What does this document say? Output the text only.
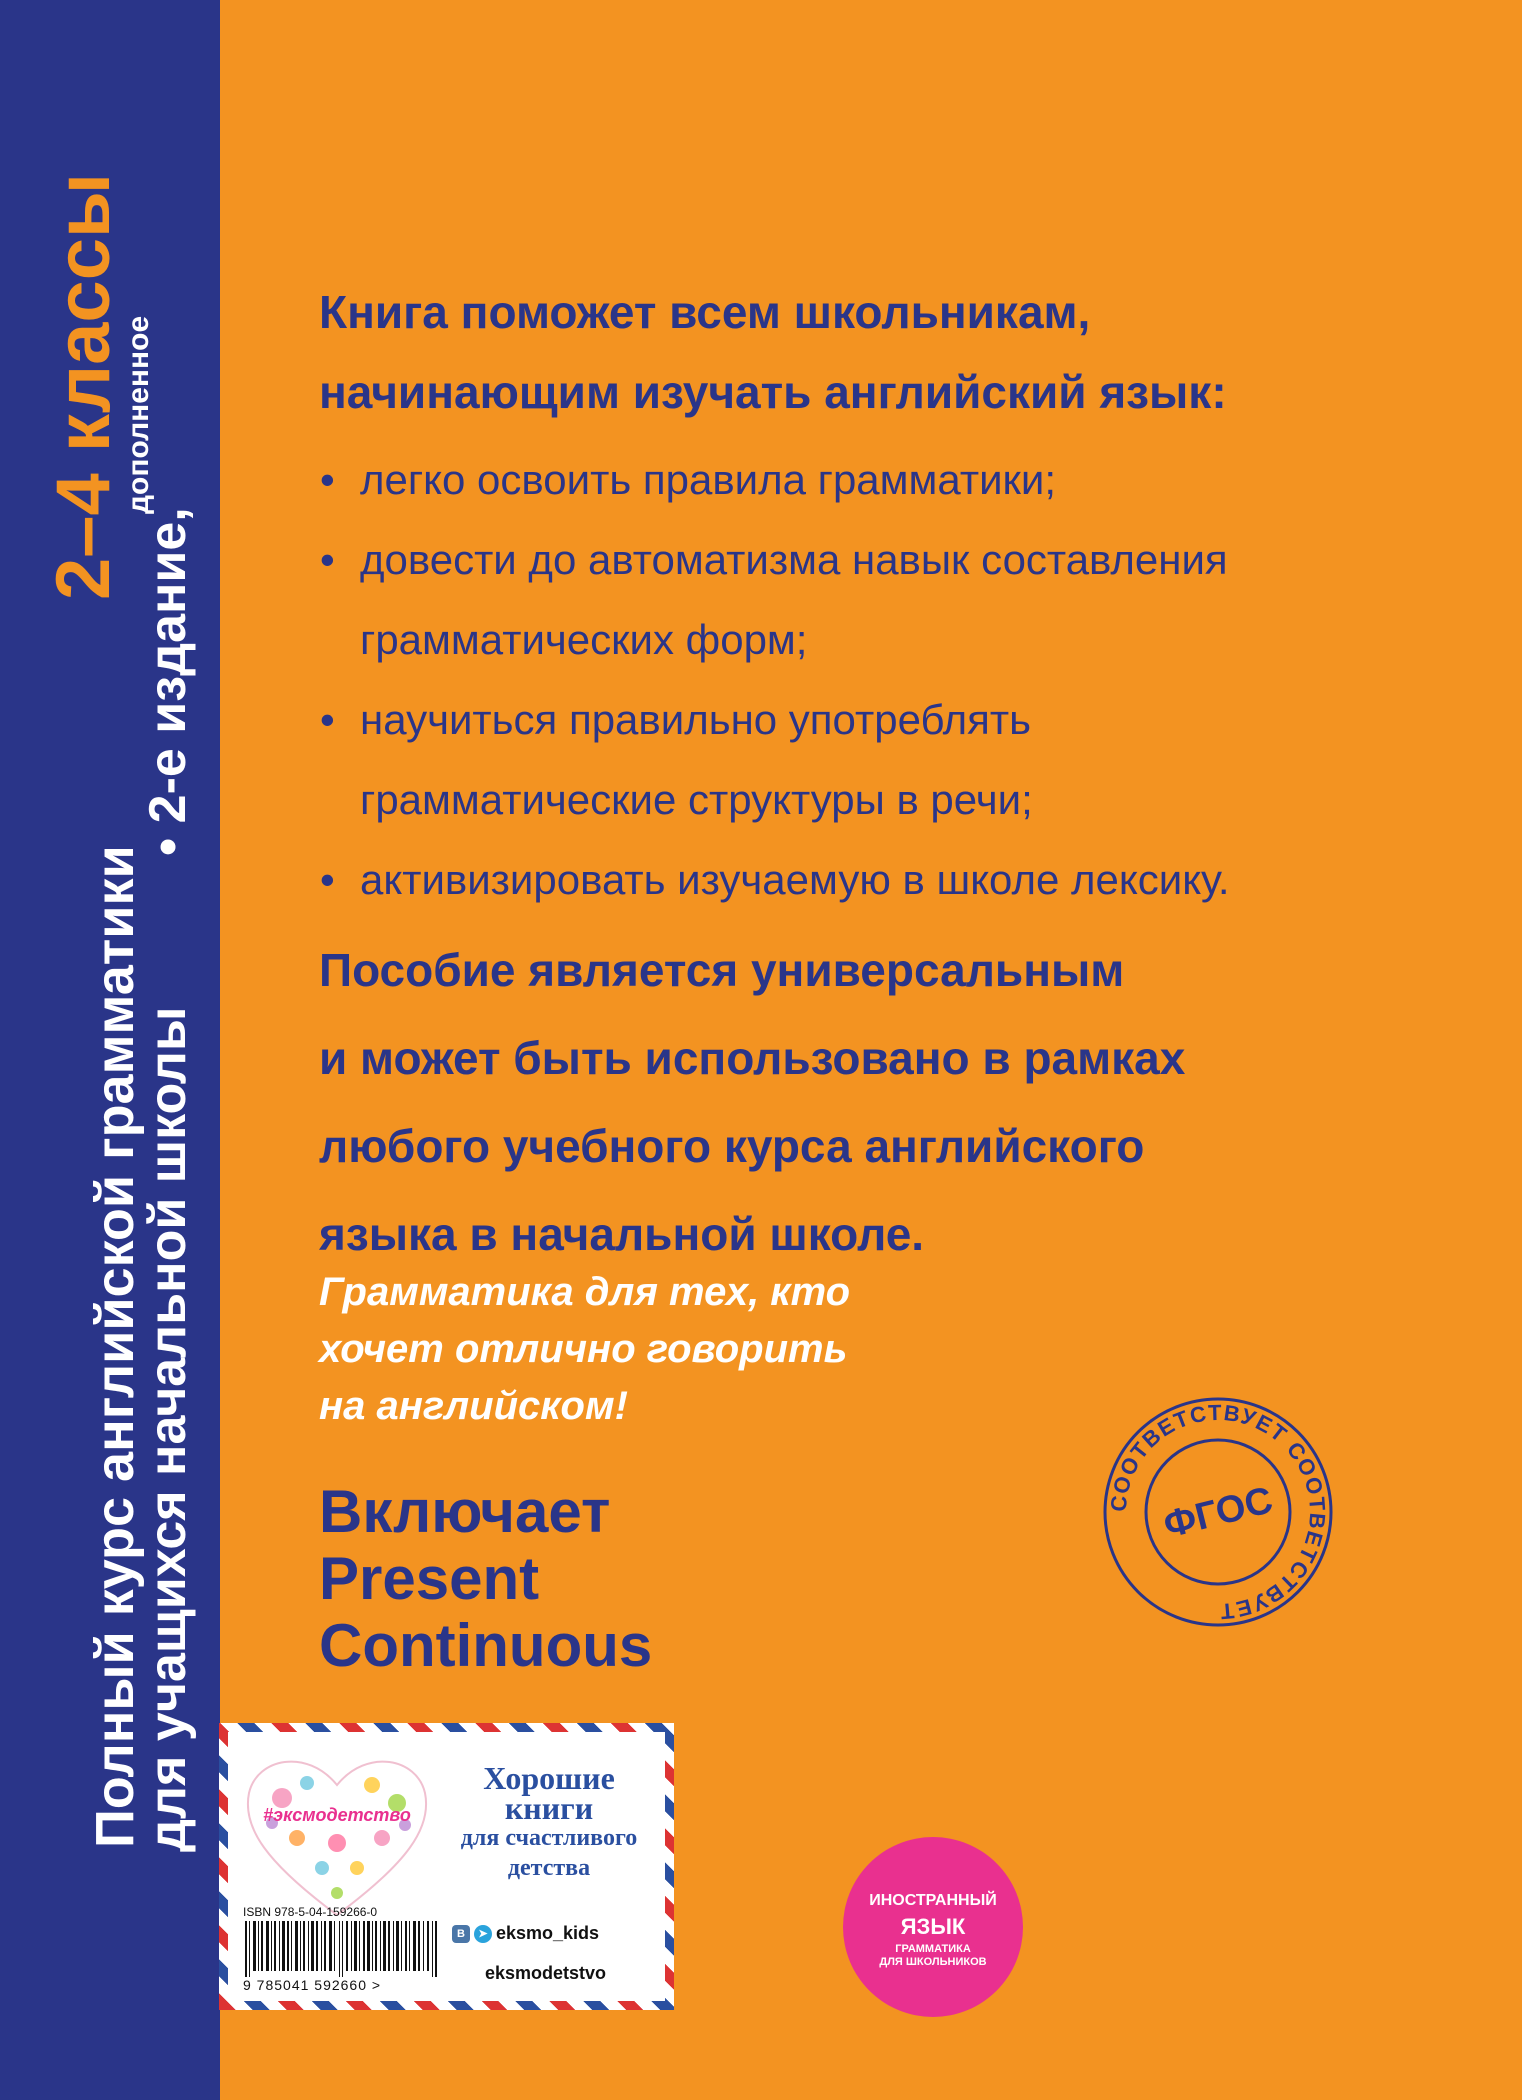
Полный курс английской грамматики
для учащихся начальной школы
2–4 классы
• 2-е издание,
дополненное
Книга поможет всем школьникам,
начинающим изучать английский язык:
• легко освоить правила грамматики;
• довести до автоматизма навык составления грамматических форм;
• научиться правильно употреблять грамматические структуры в речи;
• активизировать изучаемую в школе лексику.
Пособие является универсальным
и может быть использовано в рамках
любого учебного курса английского
языка в начальной школе.
Грамматика для тех, кто
хочет отлично говорить
на английском!
Включает
Present
Continuous
СООТВЕТСТВУЕТ СООТВЕТСТВУЕТ
ФГОС
#эксмодетство
Хорошие
книги
для счастливого
детства
ISBN 978-5-04-159266-0
9 785041 592660 >
В	➤ eksmo_kids
eksmodetstvo
ИНОСТРАННЫЙ
ЯЗЫК
ГРАММАТИКА
ДЛЯ ШКОЛЬНИКОВ
